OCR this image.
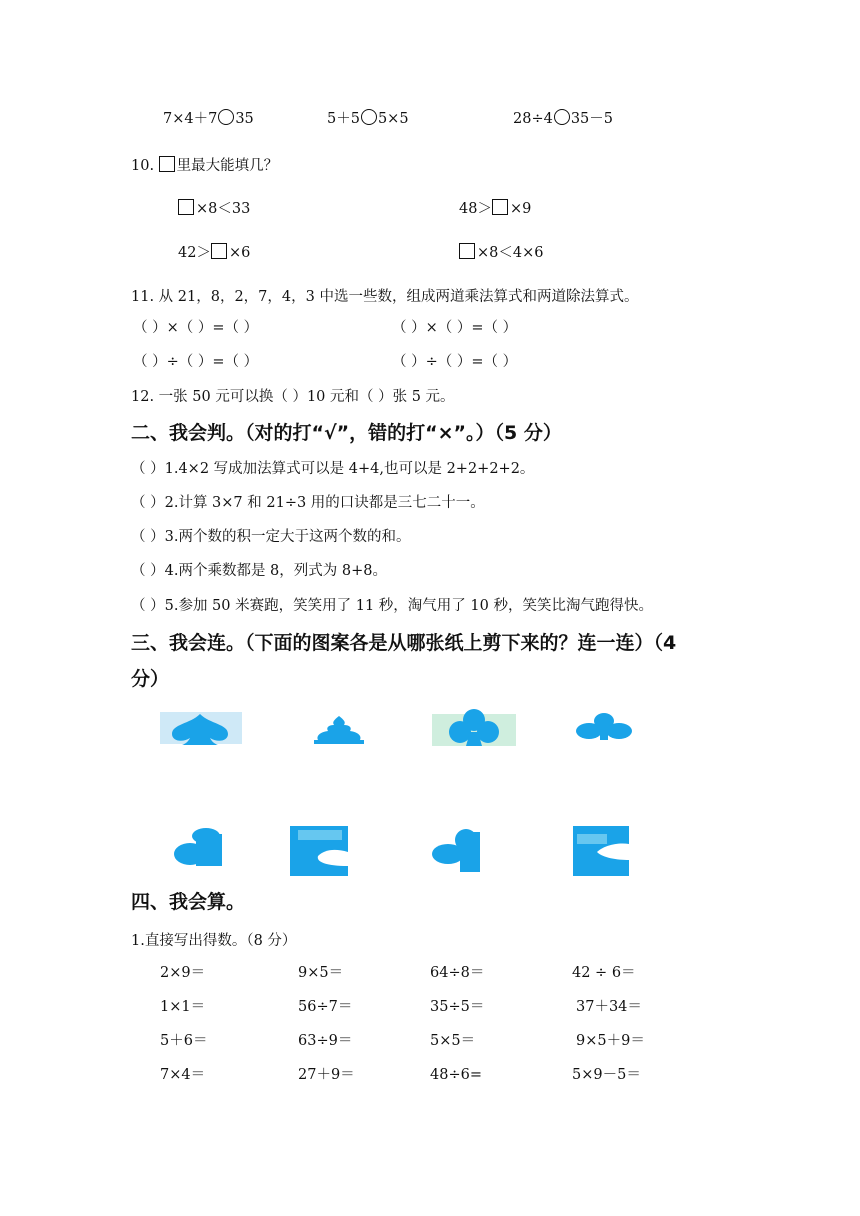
7×4＋7 35	5＋5 5×5	28÷4 35－5
10. 里最大能填几？
×8＜33	48＞ ×9
42＞ ×6	×8＜4×6
11. 从 21，8，2，7，4，3 中选一些数，组成两道乘法算式和两道除法算式。
（ ）×（ ）=（ ）	（ ）×（ ）=（ ）
（ ）÷（ ）=（ ）	（ ）÷（ ）=（ ）
12. 一张 50 元可以换（ ）10 元和（ ）张 5 元。
二、我会判。（对的打“√”，错的打“×”。）（5 分）
（ ）1.4×2 写成加法算式可以是 4+4,也可以是 2+2+2+2。
（ ）2.计算 3×7 和 21÷3 用的口诀都是三七二十一。
（ ）3.两个数的积一定大于这两个数的和。
（ ）4.两个乘数都是 8，列式为 8+8。
（ ）5.参加 50 米赛跑，笑笑用了 11 秒，淘气用了 10 秒，笑笑比淘气跑得快。
三、我会连。（下面的图案各是从哪张纸上剪下来的？连一连）（4
分）
四、我会算。
1.直接写出得数。（8 分）
2×9＝	9×5＝	64÷8＝	42 ÷ 6＝
1×1＝	56÷7＝	35÷5＝	37＋34＝
5＋6＝	63÷9＝	5×5＝	9×5＋9＝
7×4＝	27＋9＝	48÷6=	5×9－5＝
